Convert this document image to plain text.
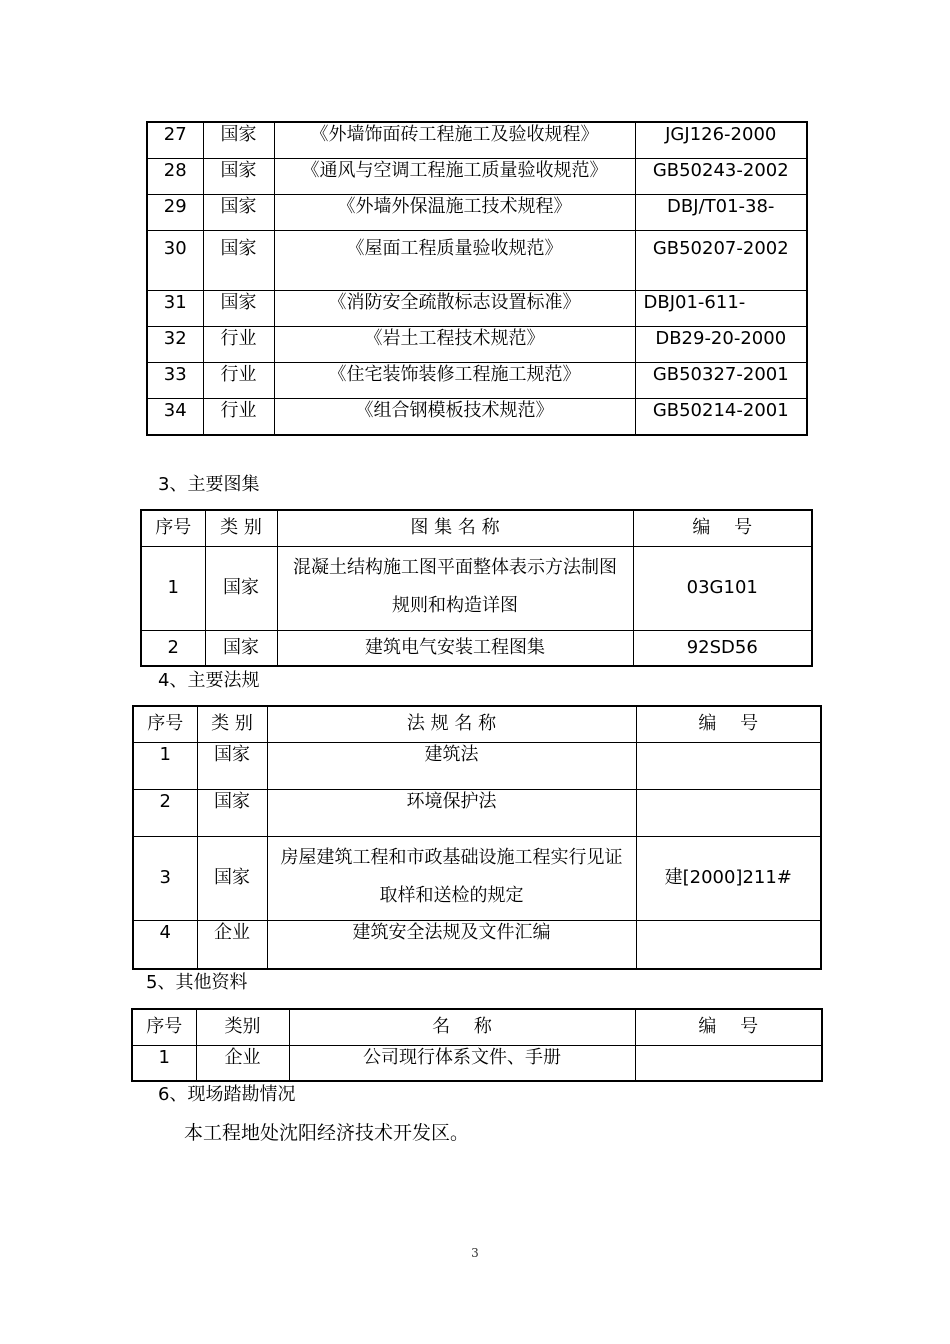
27	国家	《外墙饰面砖工程施工及验收规程》	JGJ126-2000
28	国家	《通风与空调工程施工质量验收规范》	GB50243-2002
29	国家	《外墙外保温施工技术规程》	DBJ/T01-38-
30	国家	《屋面工程质量验收规范》	GB50207-2002
31	国家	《消防安全疏散标志设置标准》	DBJ01-611-
32	行业	《岩土工程技术规范》	DB29-20-2000
33	行业	《住宅装饰装修工程施工规范》	GB50327-2001
34	行业	《组合钢模板技术规范》	GB50214-2001
3、主要图集
序号	类 别	图 集 名 称	编　 号
1	国家	混凝土结构施工图平面整体表示方法制图
规则和构造详图	03G101
2	国家	建筑电气安装工程图集	92SD56
4、主要法规
序号	类 别	法 规 名 称	编　 号
1	国家	建筑法	
2	国家	环境保护法	
3	国家	房屋建筑工程和市政基础设施工程实行见证
取样和送检的规定	建[2000]211#
4	企业	建筑安全法规及文件汇编	
5、其他资料
序号	类别	名　 称	编　 号
1	企业	公司现行体系文件、手册	
6、现场踏勘情况
本工程地处沈阳经济技术开发区。
3
